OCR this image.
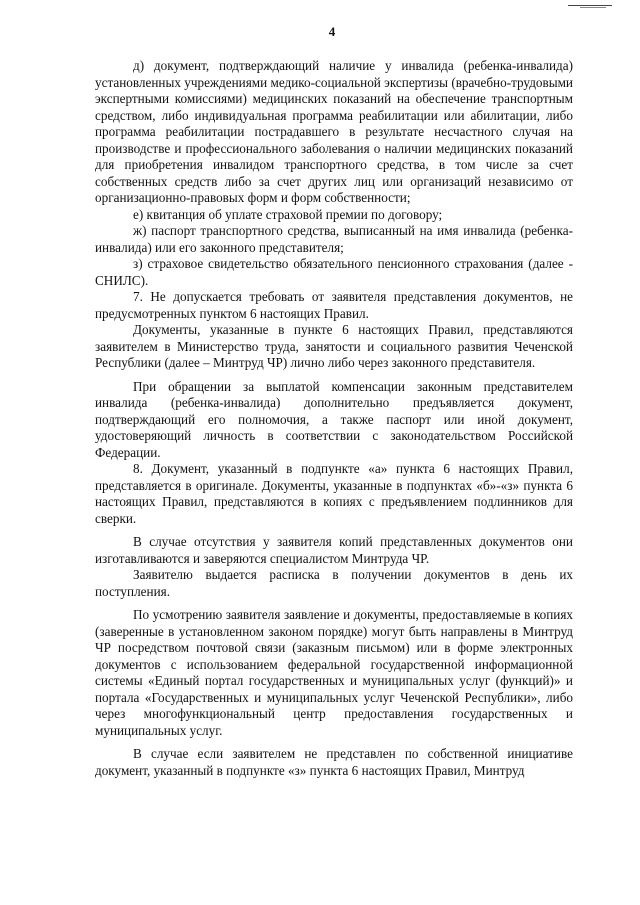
4

д) документ, подтверждающий наличие у инвалида (ребенка-инвалида) установленных учреждениями медико-социальной экспертизы (врачебно-трудовыми экспертными комиссиями) медицинских показаний на обеспечение транспортным средством, либо индивидуальная программа реабилитации или абилитации, либо программа реабилитации пострадавшего в результате несчастного случая на производстве и профессионального заболевания о наличии медицинских показаний для приобретения инвалидом транспортного средства, в том числе за счет собственных средств либо за счет других лиц или организаций независимо от организационно-правовых форм и форм собственности;

е) квитанция об уплате страховой премии по договору;

ж) паспорт транспортного средства, выписанный на имя инвалида (ребенка-инвалида) или его законного представителя;

з) страховое свидетельство обязательного пенсионного страхования (далее - СНИЛС).

7. Не допускается требовать от заявителя представления документов, не предусмотренных пунктом 6 настоящих Правил.

Документы, указанные в пункте 6 настоящих Правил, представляются заявителем в Министерство труда, занятости и социального развития Чеченской Республики (далее – Минтруд ЧР) лично либо через законного представителя.

При обращении за выплатой компенсации законным представителем инвалида (ребенка-инвалида) дополнительно предъявляется документ, подтверждающий его полномочия, а также паспорт или иной документ, удостоверяющий личность в соответствии с законодательством Российской Федерации.

8. Документ, указанный в подпункте «а» пункта 6 настоящих Правил, представляется в оригинале. Документы, указанные в подпунктах «б»-«з» пункта 6 настоящих Правил, представляются в копиях с предъявлением подлинников для сверки.

В случае отсутствия у заявителя копий представленных документов они изготавливаются и заверяются специалистом Минтруда ЧР.

Заявителю выдается расписка в получении документов в день их поступления.

По усмотрению заявителя заявление и документы, предоставляемые в копиях (заверенные в установленном законом порядке) могут быть направлены в Минтруд ЧР посредством почтовой связи (заказным письмом) или в форме электронных документов с использованием федеральной государственной информационной системы «Единый портал государственных и муниципальных услуг (функций)» и портала «Государственных и муниципальных услуг Чеченской Республики», либо через многофункциональный центр предоставления государственных и муниципальных услуг.

В случае если заявителем не представлен по собственной инициативе документ, указанный в подпункте «з» пункта 6 настоящих Правил, Минтруд
